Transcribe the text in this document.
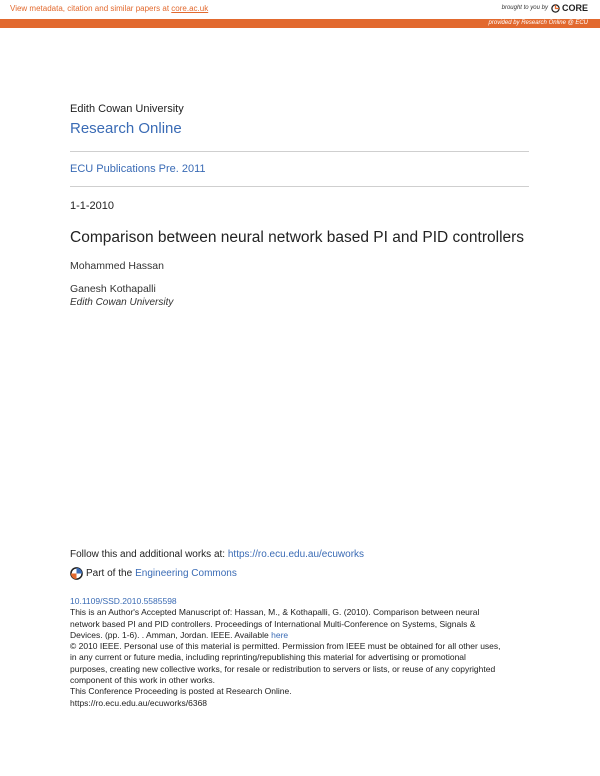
View metadata, citation and similar papers at core.ac.uk	brought to you by CORE
provided by Research Online @ ECU
Edith Cowan University
Research Online
ECU Publications Pre. 2011
1-1-2010
Comparison between neural network based PI and PID controllers
Mohammed Hassan
Ganesh Kothapalli
Edith Cowan University
Follow this and additional works at: https://ro.ecu.edu.au/ecuworks
Part of the Engineering Commons
10.1109/SSD.2010.5585598
This is an Author's Accepted Manuscript of: Hassan, M., & Kothapalli, G. (2010). Comparison between neural
network based PI and PID controllers. Proceedings of International Multi-Conference on Systems, Signals &
Devices. (pp. 1-6). . Amman, Jordan. IEEE. Available here
© 2010 IEEE. Personal use of this material is permitted. Permission from IEEE must be obtained for all other uses,
in any current or future media, including reprinting/republishing this material for advertising or promotional
purposes, creating new collective works, for resale or redistribution to servers or lists, or reuse of any copyrighted
component of this work in other works.
This Conference Proceeding is posted at Research Online.
https://ro.ecu.edu.au/ecuworks/6368
